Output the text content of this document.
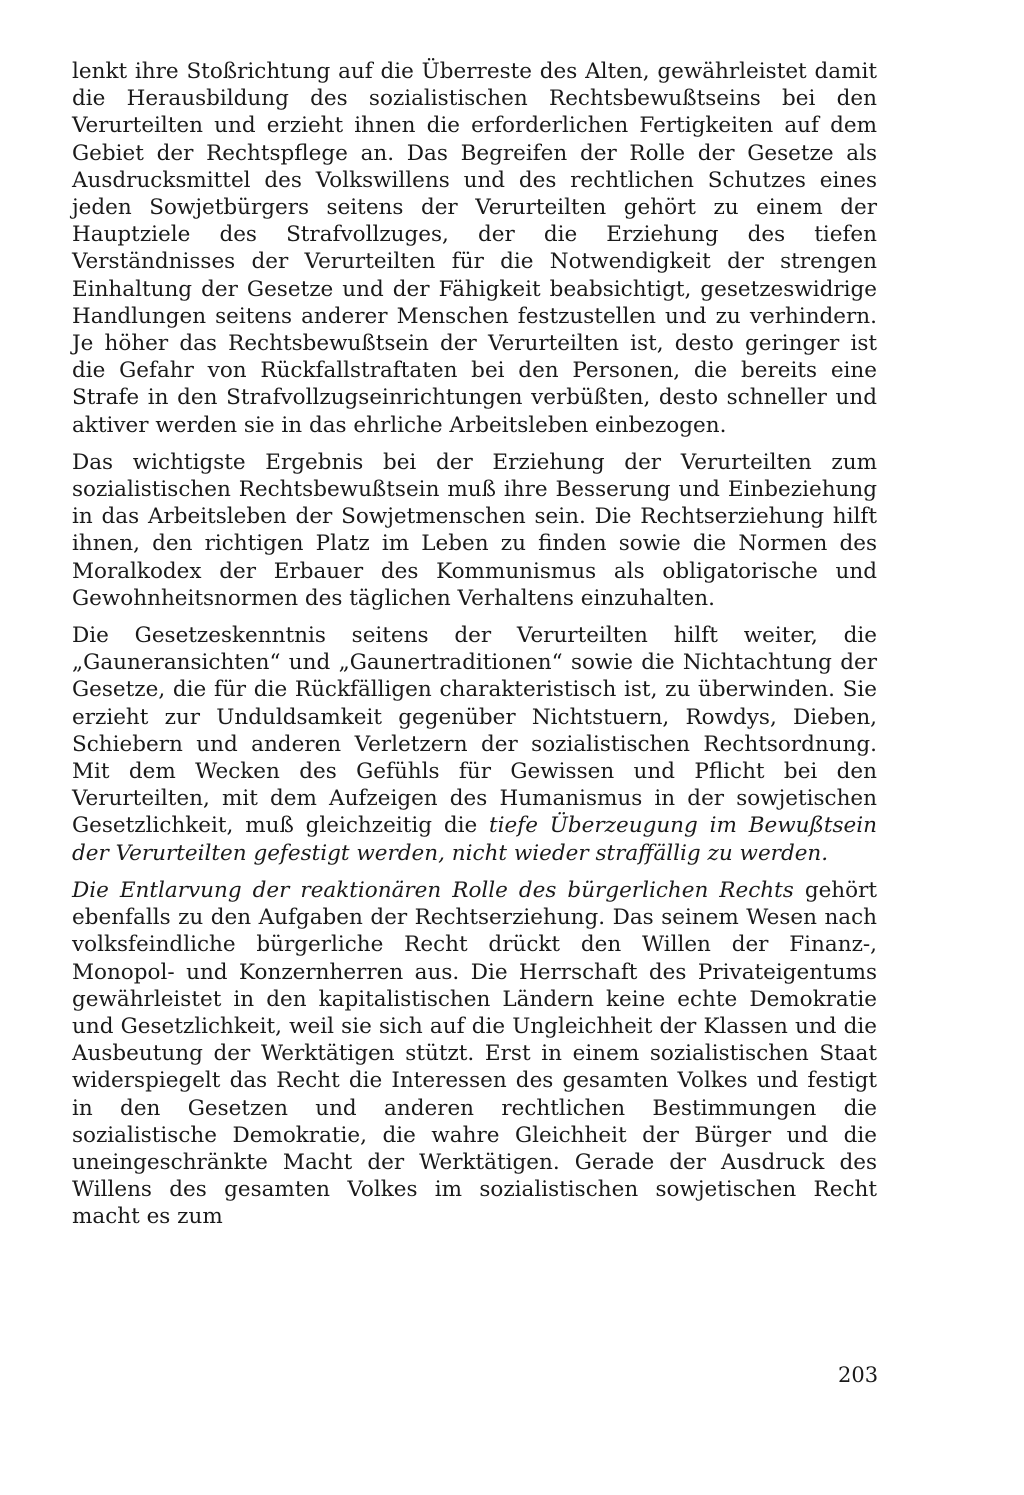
lenkt ihre Stoßrichtung auf die Überreste des Alten, gewährleistet damit die Herausbildung des sozialistischen Rechtsbewußtseins bei den Verurteilten und erzieht ihnen die erforderlichen Fertigkeiten auf dem Gebiet der Rechtspflege an. Das Begreifen der Rolle der Gesetze als Ausdrucksmittel des Volkswillens und des rechtlichen Schutzes eines jeden Sowjetbürgers seitens der Verurteilten gehört zu einem der Hauptziele des Strafvollzuges, der die Erziehung des tiefen Verständnisses der Verurteilten für die Notwendigkeit der strengen Einhaltung der Gesetze und der Fähigkeit beabsichtigt, gesetzeswidrige Handlungen seitens anderer Menschen festzustellen und zu verhindern. Je höher das Rechtsbewußtsein der Verurteilten ist, desto geringer ist die Gefahr von Rückfallstraftaten bei den Personen, die bereits eine Strafe in den Strafvollzugseinrichtungen verbüßten, desto schneller und aktiver werden sie in das ehrliche Arbeitsleben einbezogen.

Das wichtigste Ergebnis bei der Erziehung der Verurteilten zum sozialistischen Rechtsbewußtsein muß ihre Besserung und Einbeziehung in das Arbeitsleben der Sowjetmenschen sein. Die Rechtserziehung hilft ihnen, den richtigen Platz im Leben zu finden sowie die Normen des Moralkodex der Erbauer des Kommunismus als obligatorische und Gewohnheitsnormen des täglichen Verhaltens einzuhalten.

Die Gesetzeskenntnis seitens der Verurteilten hilft weiter, die „Gauneransichten“ und „Gaunertraditionen“ sowie die Nichtachtung der Gesetze, die für die Rückfälligen charakteristisch ist, zu überwinden. Sie erzieht zur Unduldsamkeit gegenüber Nichtstuern, Rowdys, Dieben, Schiebern und anderen Verletzern der sozialistischen Rechtsordnung. Mit dem Wecken des Gefühls für Gewissen und Pflicht bei den Verurteilten, mit dem Aufzeigen des Humanismus in der sowjetischen Gesetzlichkeit, muß gleichzeitig die tiefe Überzeugung im Bewußtsein der Verurteilten gefestigt werden, nicht wieder straffällig zu werden.

Die Entlarvung der reaktionären Rolle des bürgerlichen Rechts gehört ebenfalls zu den Aufgaben der Rechtserziehung. Das seinem Wesen nach volksfeindliche bürgerliche Recht drückt den Willen der Finanz-, Monopol- und Konzernherren aus. Die Herrschaft des Privateigentums gewährleistet in den kapitalistischen Ländern keine echte Demokratie und Gesetzlichkeit, weil sie sich auf die Ungleichheit der Klassen und die Ausbeutung der Werktätigen stützt. Erst in einem sozialistischen Staat widerspiegelt das Recht die Interessen des gesamten Volkes und festigt in den Gesetzen und anderen rechtlichen Bestimmungen die sozialistische Demokratie, die wahre Gleichheit der Bürger und die uneingeschränkte Macht der Werktätigen. Gerade der Ausdruck des Willens des gesamten Volkes im sozialistischen sowjetischen Recht macht es zum

203
